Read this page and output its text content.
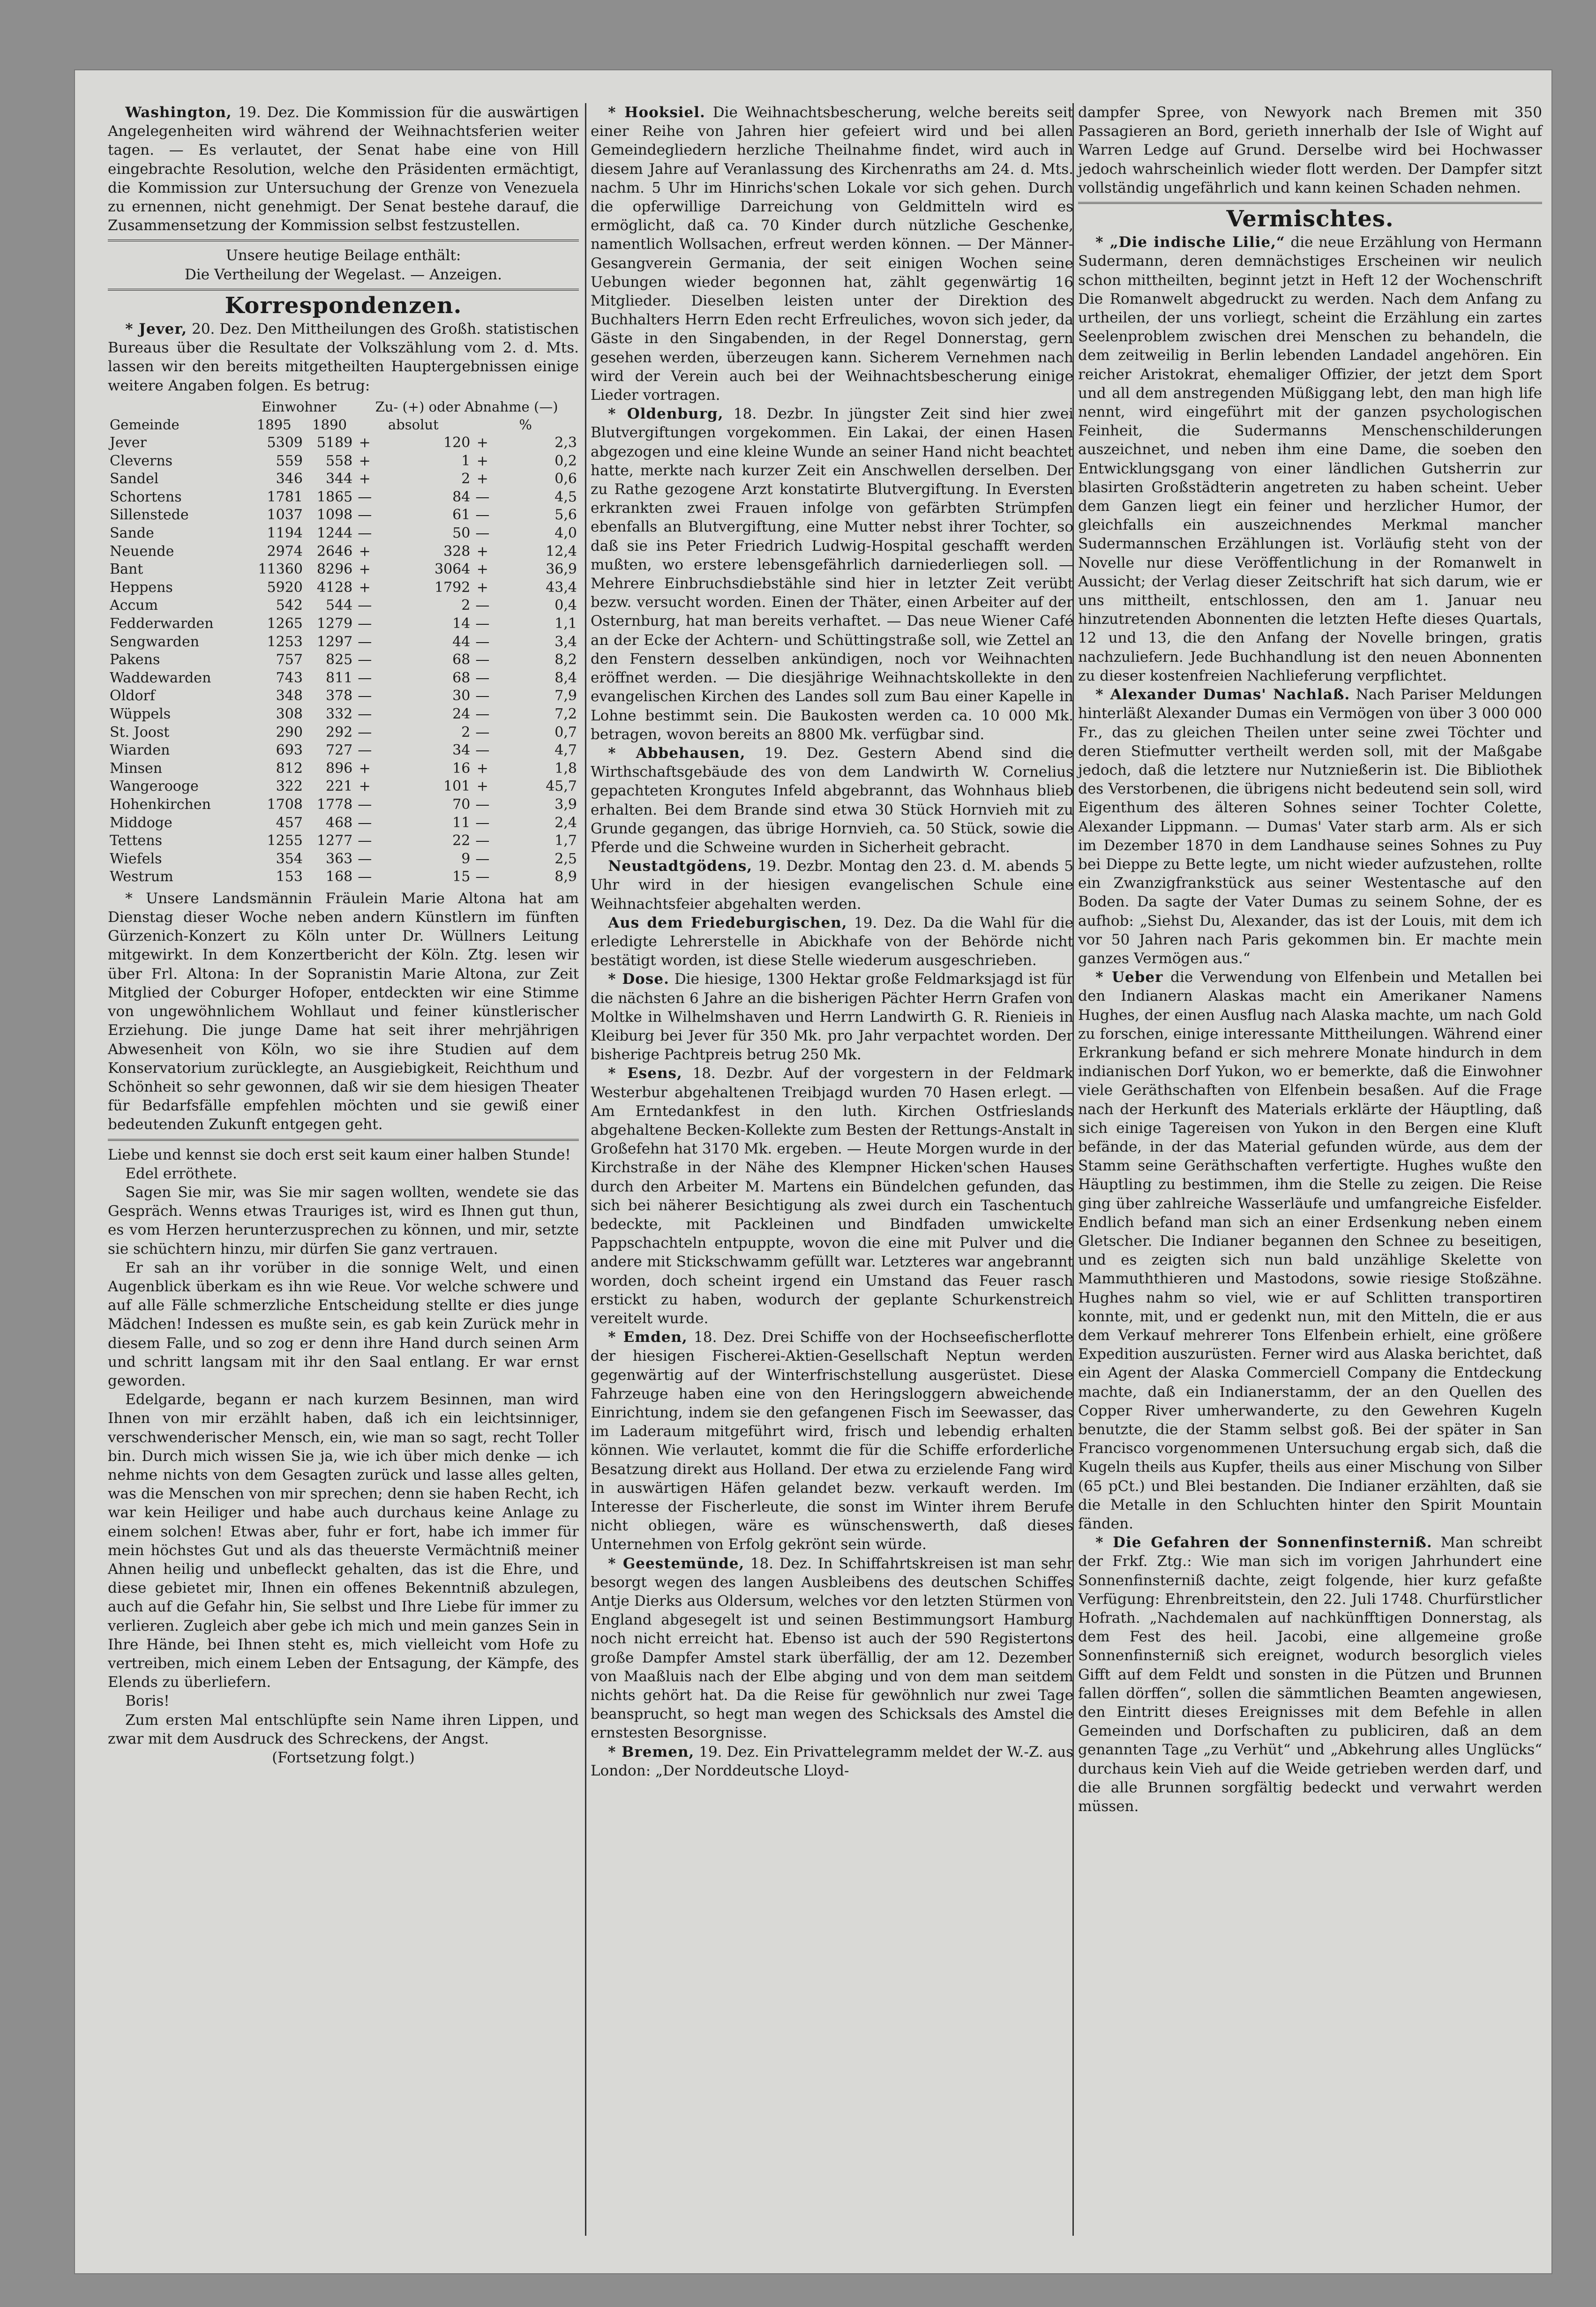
Washington, 19. Dez. Die Kommission für die auswärtigen Angelegenheiten wird während der Weihnachtsferien weiter tagen. — Es verlautet, der Senat habe eine von Hill eingebrachte Resolution, welche den Präsidenten ermächtigt, die Kommission zur Untersuchung der Grenze von Venezuela zu ernennen, nicht genehmigt. Der Senat bestehe darauf, die Zusammensetzung der Kommission selbst festzustellen.

Unsere heutige Beilage enthält:

Die Vertheilung der Wegelast. — Anzeigen.

Korrespondenzen.

* Jever, 20. Dez. Den Mittheilungen des Großh. statistischen Bureaus über die Resultate der Volkszählung vom 2. d. Mts. lassen wir den bereits mitgetheilten Hauptergebnissen einige weitere Angaben folgen. Es betrug:

	Einwohner		Zu- (+) oder Abnahme (—)			
Gemeinde	1895	1890	absolut		%	
Jever	5309	5189	+	120	+	2,3
Cleverns	559	558	+	1	+	0,2
Sandel	346	344	+	2	+	0,6
Schortens	1781	1865	—	84	—	4,5
Sillenstede	1037	1098	—	61	—	5,6
Sande	1194	1244	—	50	—	4,0
Neuende	2974	2646	+	328	+	12,4
Bant	11360	8296	+	3064	+	36,9
Heppens	5920	4128	+	1792	+	43,4
Accum	542	544	—	2	—	0,4
Fedderwarden	1265	1279	—	14	—	1,1
Sengwarden	1253	1297	—	44	—	3,4
Pakens	757	825	—	68	—	8,2
Waddewarden	743	811	—	68	—	8,4
Oldorf	348	378	—	30	—	7,9
Wüppels	308	332	—	24	—	7,2
St. Joost	290	292	—	2	—	0,7
Wiarden	693	727	—	34	—	4,7
Minsen	812	896	+	16	+	1,8
Wangerooge	322	221	+	101	+	45,7
Hohenkirchen	1708	1778	—	70	—	3,9
Middoge	457	468	—	11	—	2,4
Tettens	1255	1277	—	22	—	1,7
Wiefels	354	363	—	9	—	2,5
Westrum	153	168	—	15	—	8,9

* Unsere Landsmännin Fräulein Marie Altona hat am Dienstag dieser Woche neben andern Künstlern im fünften Gürzenich-Konzert zu Köln unter Dr. Wüllners Leitung mitgewirkt. In dem Konzertbericht der Köln. Ztg. lesen wir über Frl. Altona: In der Sopranistin Marie Altona, zur Zeit Mitglied der Coburger Hofoper, entdeckten wir eine Stimme von ungewöhnlichem Wohllaut und feiner künstlerischer Erziehung. Die junge Dame hat seit ihrer mehrjährigen Abwesenheit von Köln, wo sie ihre Studien auf dem Konservatorium zurücklegte, an Ausgiebigkeit, Reichthum und Schönheit so sehr gewonnen, daß wir sie dem hiesigen Theater für Bedarfsfälle empfehlen möchten und sie gewiß einer bedeutenden Zukunft entgegen geht.

Liebe und kennst sie doch erst seit kaum einer halben Stunde!

Edel erröthete.

Sagen Sie mir, was Sie mir sagen wollten, wendete sie das Gespräch. Wenns etwas Trauriges ist, wird es Ihnen gut thun, es vom Herzen herunterzusprechen zu können, und mir, setzte sie schüchtern hinzu, mir dürfen Sie ganz vertrauen.

Er sah an ihr vorüber in die sonnige Welt, und einen Augenblick überkam es ihn wie Reue. Vor welche schwere und auf alle Fälle schmerzliche Entscheidung stellte er dies junge Mädchen! Indessen es mußte sein, es gab kein Zurück mehr in diesem Falle, und so zog er denn ihre Hand durch seinen Arm und schritt langsam mit ihr den Saal entlang. Er war ernst geworden.

Edelgarde, begann er nach kurzem Besinnen, man wird Ihnen von mir erzählt haben, daß ich ein leichtsinniger, verschwenderischer Mensch, ein, wie man so sagt, recht Toller bin. Durch mich wissen Sie ja, wie ich über mich denke — ich nehme nichts von dem Gesagten zurück und lasse alles gelten, was die Menschen von mir sprechen; denn sie haben Recht, ich war kein Heiliger und habe auch durchaus keine Anlage zu einem solchen! Etwas aber, fuhr er fort, habe ich immer für mein höchstes Gut und als das theuerste Vermächtniß meiner Ahnen heilig und unbefleckt gehalten, das ist die Ehre, und diese gebietet mir, Ihnen ein offenes Bekenntniß abzulegen, auch auf die Gefahr hin, Sie selbst und Ihre Liebe für immer zu verlieren. Zugleich aber gebe ich mich und mein ganzes Sein in Ihre Hände, bei Ihnen steht es, mich vielleicht vom Hofe zu vertreiben, mich einem Leben der Entsagung, der Kämpfe, des Elends zu überliefern.

Boris!

Zum ersten Mal entschlüpfte sein Name ihren Lippen, und zwar mit dem Ausdruck des Schreckens, der Angst.

(Fortsetzung folgt.)

* Hooksiel. Die Weihnachtsbescherung, welche bereits seit einer Reihe von Jahren hier gefeiert wird und bei allen Gemeindegliedern herzliche Theilnahme findet, wird auch in diesem Jahre auf Veranlassung des Kirchenraths am 24. d. Mts. nachm. 5 Uhr im Hinrichs'schen Lokale vor sich gehen. Durch die opferwillige Darreichung von Geldmitteln wird es ermöglicht, daß ca. 70 Kinder durch nützliche Geschenke, namentlich Wollsachen, erfreut werden können. — Der Männer-Gesangverein Germania, der seit einigen Wochen seine Uebungen wieder begonnen hat, zählt gegenwärtig 16 Mitglieder. Dieselben leisten unter der Direktion des Buchhalters Herrn Eden recht Erfreuliches, wovon sich jeder, da Gäste in den Singabenden, in der Regel Donnerstag, gern gesehen werden, überzeugen kann. Sicherem Vernehmen nach wird der Verein auch bei der Weihnachtsbescherung einige Lieder vortragen.

* Oldenburg, 18. Dezbr. In jüngster Zeit sind hier zwei Blutvergiftungen vorgekommen. Ein Lakai, der einen Hasen abgezogen und eine kleine Wunde an seiner Hand nicht beachtet hatte, merkte nach kurzer Zeit ein Anschwellen derselben. Der zu Rathe gezogene Arzt konstatirte Blutvergiftung. In Eversten erkrankten zwei Frauen infolge von gefärbten Strümpfen ebenfalls an Blutvergiftung, eine Mutter nebst ihrer Tochter, so daß sie ins Peter Friedrich Ludwig-Hospital geschafft werden mußten, wo erstere lebensgefährlich darniederliegen soll. — Mehrere Einbruchsdiebstähle sind hier in letzter Zeit verübt bezw. versucht worden. Einen der Thäter, einen Arbeiter auf der Osternburg, hat man bereits verhaftet. — Das neue Wiener Café an der Ecke der Achtern- und Schüttingstraße soll, wie Zettel an den Fenstern desselben ankündigen, noch vor Weihnachten eröffnet werden. — Die diesjährige Weihnachtskollekte in den evangelischen Kirchen des Landes soll zum Bau einer Kapelle in Lohne bestimmt sein. Die Baukosten werden ca. 10 000 Mk. betragen, wovon bereits an 8800 Mk. verfügbar sind.

* Abbehausen, 19. Dez. Gestern Abend sind die Wirthschaftsgebäude des von dem Landwirth W. Cornelius gepachteten Krongutes Infeld abgebrannt, das Wohnhaus blieb erhalten. Bei dem Brande sind etwa 30 Stück Hornvieh mit zu Grunde gegangen, das übrige Hornvieh, ca. 50 Stück, sowie die Pferde und die Schweine wurden in Sicherheit gebracht.

Neustadtgödens, 19. Dezbr. Montag den 23. d. M. abends 5 Uhr wird in der hiesigen evangelischen Schule eine Weihnachtsfeier abgehalten werden.

Aus dem Friedeburgischen, 19. Dez. Da die Wahl für die erledigte Lehrerstelle in Abickhafe von der Behörde nicht bestätigt worden, ist diese Stelle wiederum ausgeschrieben.

* Dose. Die hiesige, 1300 Hektar große Feldmarksjagd ist für die nächsten 6 Jahre an die bisherigen Pächter Herrn Grafen von Moltke in Wilhelmshaven und Herrn Landwirth G. R. Rienieis in Kleiburg bei Jever für 350 Mk. pro Jahr verpachtet worden. Der bisherige Pachtpreis betrug 250 Mk.

* Esens, 18. Dezbr. Auf der vorgestern in der Feldmark Westerbur abgehaltenen Treibjagd wurden 70 Hasen erlegt. — Am Erntedankfest in den luth. Kirchen Ostfrieslands abgehaltene Becken-Kollekte zum Besten der Rettungs-Anstalt in Großefehn hat 3170 Mk. ergeben. — Heute Morgen wurde in der Kirchstraße in der Nähe des Klempner Hicken'schen Hauses durch den Arbeiter M. Martens ein Bündelchen gefunden, das sich bei näherer Besichtigung als zwei durch ein Taschentuch bedeckte, mit Packleinen und Bindfaden umwickelte Pappschachteln entpuppte, wovon die eine mit Pulver und die andere mit Stickschwamm gefüllt war. Letzteres war angebrannt worden, doch scheint irgend ein Umstand das Feuer rasch erstickt zu haben, wodurch der geplante Schurkenstreich vereitelt wurde.

* Emden, 18. Dez. Drei Schiffe von der Hochseefischerflotte der hiesigen Fischerei-Aktien-Gesellschaft Neptun werden gegenwärtig auf der Winterfrischstellung ausgerüstet. Diese Fahrzeuge haben eine von den Heringsloggern abweichende Einrichtung, indem sie den gefangenen Fisch im Seewasser, das im Laderaum mitgeführt wird, frisch und lebendig erhalten können. Wie verlautet, kommt die für die Schiffe erforderliche Besatzung direkt aus Holland. Der etwa zu erzielende Fang wird in auswärtigen Häfen gelandet bezw. verkauft werden. Im Interesse der Fischerleute, die sonst im Winter ihrem Berufe nicht obliegen, wäre es wünschenswerth, daß dieses Unternehmen von Erfolg gekrönt sein würde.

* Geestemünde, 18. Dez. In Schiffahrtskreisen ist man sehr besorgt wegen des langen Ausbleibens des deutschen Schiffes Antje Dierks aus Oldersum, welches vor den letzten Stürmen von England abgesegelt ist und seinen Bestimmungsort Hamburg noch nicht erreicht hat. Ebenso ist auch der 590 Registertons große Dampfer Amstel stark überfällig, der am 12. Dezember von Maaßluis nach der Elbe abging und von dem man seitdem nichts gehört hat. Da die Reise für gewöhnlich nur zwei Tage beansprucht, so hegt man wegen des Schicksals des Amstel die ernstesten Besorgnisse.

* Bremen, 19. Dez. Ein Privattelegramm meldet der W.-Z. aus London: „Der Norddeutsche Lloyd-

dampfer Spree, von Newyork nach Bremen mit 350 Passagieren an Bord, gerieth innerhalb der Isle of Wight auf Warren Ledge auf Grund. Derselbe wird bei Hochwasser jedoch wahrscheinlich wieder flott werden. Der Dampfer sitzt vollständig ungefährlich und kann keinen Schaden nehmen.

Vermischtes.

* „Die indische Lilie,“ die neue Erzählung von Hermann Sudermann, deren demnächstiges Erscheinen wir neulich schon mittheilten, beginnt jetzt in Heft 12 der Wochenschrift Die Romanwelt abgedruckt zu werden. Nach dem Anfang zu urtheilen, der uns vorliegt, scheint die Erzählung ein zartes Seelenproblem zwischen drei Menschen zu behandeln, die dem zeitweilig in Berlin lebenden Landadel angehören. Ein reicher Aristokrat, ehemaliger Offizier, der jetzt dem Sport und all dem anstregenden Müßiggang lebt, den man high life nennt, wird eingeführt mit der ganzen psychologischen Feinheit, die Sudermanns Menschenschilderungen auszeichnet, und neben ihm eine Dame, die soeben den Entwicklungsgang von einer ländlichen Gutsherrin zur blasirten Großstädterin angetreten zu haben scheint. Ueber dem Ganzen liegt ein feiner und herzlicher Humor, der gleichfalls ein auszeichnendes Merkmal mancher Sudermannschen Erzählungen ist. Vorläufig steht von der Novelle nur diese Veröffentlichung in der Romanwelt in Aussicht; der Verlag dieser Zeitschrift hat sich darum, wie er uns mittheilt, entschlossen, den am 1. Januar neu hinzutretenden Abonnenten die letzten Hefte dieses Quartals, 12 und 13, die den Anfang der Novelle bringen, gratis nachzuliefern. Jede Buchhandlung ist den neuen Abonnenten zu dieser kostenfreien Nachlieferung verpflichtet.

* Alexander Dumas' Nachlaß. Nach Pariser Meldungen hinterläßt Alexander Dumas ein Vermögen von über 3 000 000 Fr., das zu gleichen Theilen unter seine zwei Töchter und deren Stiefmutter vertheilt werden soll, mit der Maßgabe jedoch, daß die letztere nur Nutznießerin ist. Die Bibliothek des Verstorbenen, die übrigens nicht bedeutend sein soll, wird Eigenthum des älteren Sohnes seiner Tochter Colette, Alexander Lippmann. — Dumas' Vater starb arm. Als er sich im Dezember 1870 in dem Landhause seines Sohnes zu Puy bei Dieppe zu Bette legte, um nicht wieder aufzustehen, rollte ein Zwanzigfrankstück aus seiner Westentasche auf den Boden. Da sagte der Vater Dumas zu seinem Sohne, der es aufhob: „Siehst Du, Alexander, das ist der Louis, mit dem ich vor 50 Jahren nach Paris gekommen bin. Er machte mein ganzes Vermögen aus.“

* Ueber die Verwendung von Elfenbein und Metallen bei den Indianern Alaskas macht ein Amerikaner Namens Hughes, der einen Ausflug nach Alaska machte, um nach Gold zu forschen, einige interessante Mittheilungen. Während einer Erkrankung befand er sich mehrere Monate hindurch in dem indianischen Dorf Yukon, wo er bemerkte, daß die Einwohner viele Geräthschaften von Elfenbein besaßen. Auf die Frage nach der Herkunft des Materials erklärte der Häuptling, daß sich einige Tagereisen von Yukon in den Bergen eine Kluft befände, in der das Material gefunden würde, aus dem der Stamm seine Geräthschaften verfertigte. Hughes wußte den Häuptling zu bestimmen, ihm die Stelle zu zeigen. Die Reise ging über zahlreiche Wasserläufe und umfangreiche Eisfelder. Endlich befand man sich an einer Erdsenkung neben einem Gletscher. Die Indianer begannen den Schnee zu beseitigen, und es zeigten sich nun bald unzählige Skelette von Mammuththieren und Mastodons, sowie riesige Stoßzähne. Hughes nahm so viel, wie er auf Schlitten transportiren konnte, mit, und er gedenkt nun, mit den Mitteln, die er aus dem Verkauf mehrerer Tons Elfenbein erhielt, eine größere Expedition auszurüsten. Ferner wird aus Alaska berichtet, daß ein Agent der Alaska Commerciell Company die Entdeckung machte, daß ein Indianerstamm, der an den Quellen des Copper River umherwanderte, zu den Gewehren Kugeln benutzte, die der Stamm selbst goß. Bei der später in San Francisco vorgenommenen Untersuchung ergab sich, daß die Kugeln theils aus Kupfer, theils aus einer Mischung von Silber (65 pCt.) und Blei bestanden. Die Indianer erzählten, daß sie die Metalle in den Schluchten hinter den Spirit Mountain fänden.

* Die Gefahren der Sonnenfinsterniß. Man schreibt der Frkf. Ztg.: Wie man sich im vorigen Jahrhundert eine Sonnenfinsterniß dachte, zeigt folgende, hier kurz gefaßte Verfügung: Ehrenbreitstein, den 22. Juli 1748. Churfürstlicher Hofrath. „Nachdemalen auf nachkünfftigen Donnerstag, als dem Fest des heil. Jacobi, eine allgemeine große Sonnenfinsterniß sich ereignet, wodurch besorglich vieles Gifft auf dem Feldt und sonsten in die Pützen und Brunnen fallen dörffen“, sollen die sämmtlichen Beamten angewiesen, den Eintritt dieses Ereignisses mit dem Befehle in allen Gemeinden und Dorfschaften zu publiciren, daß an dem genannten Tage „zu Verhüt“ und „Abkehrung alles Unglücks“ durchaus kein Vieh auf die Weide getrieben werden darf, und die alle Brunnen sorgfältig bedeckt und verwahrt werden müssen.
